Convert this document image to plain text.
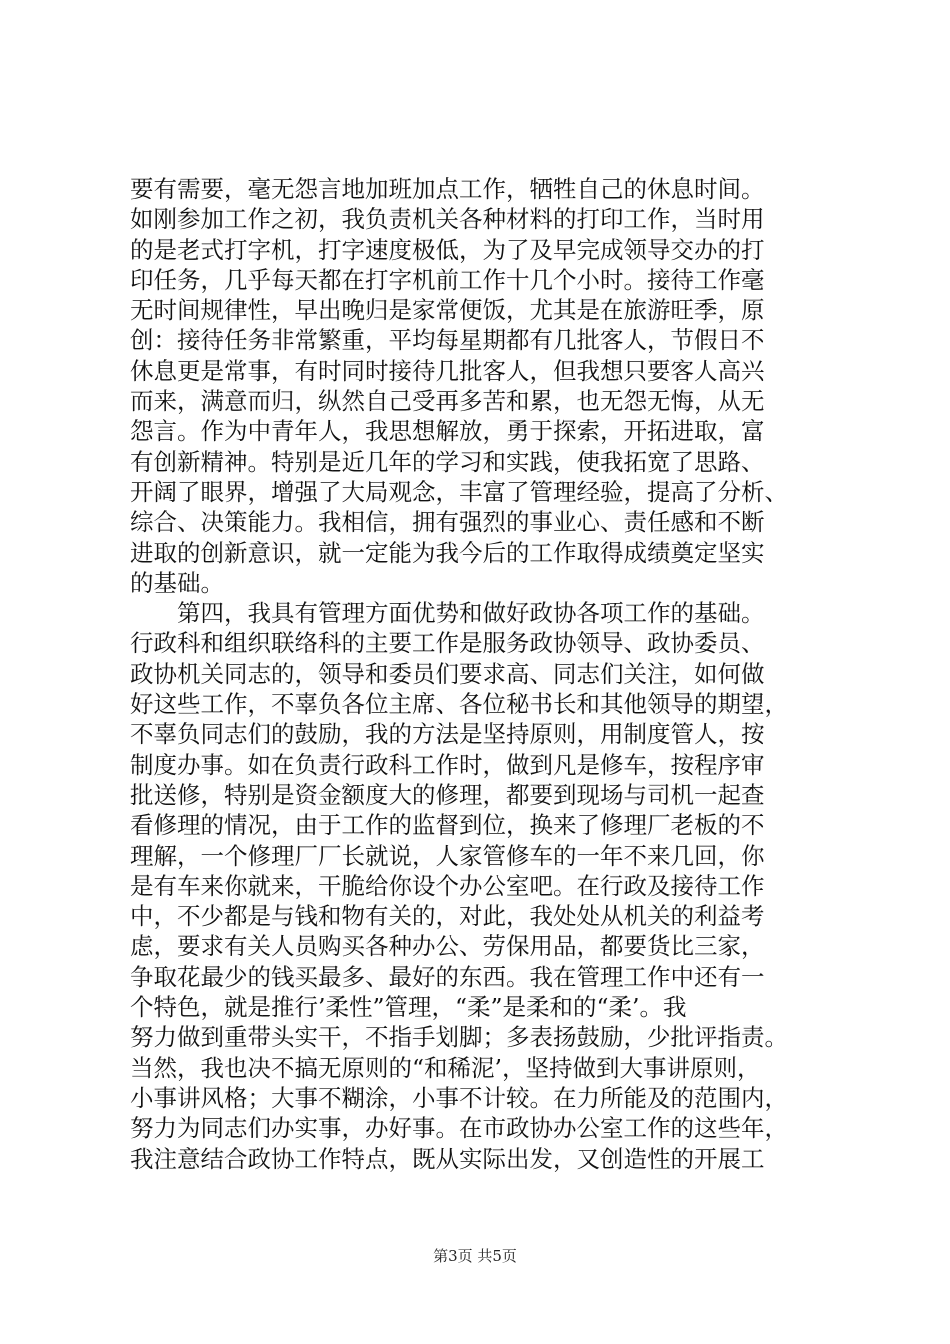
要有需要，毫无怨言地加班加点工作，牺牲自己的休息时间。
如刚参加工作之初，我负责机关各种材料的打印工作，当时用
的是老式打字机，打字速度极低，为了及早完成领导交办的打
印任务，几乎每天都在打字机前工作十几个小时。接待工作毫
无时间规律性，早出晚归是家常便饭，尤其是在旅游旺季，原
创：接待任务非常繁重，平均每星期都有几批客人，节假日不
休息更是常事，有时同时接待几批客人，但我想只要客人高兴
而来，满意而归，纵然自己受再多苦和累，也无怨无悔，从无
怨言。作为中青年人，我思想解放，勇于探索，开拓进取，富
有创新精神。特别是近几年的学习和实践，使我拓宽了思路、
开阔了眼界，增强了大局观念，丰富了管理经验，提高了分析、
综合、决策能力。我相信，拥有强烈的事业心、责任感和不断
进取的创新意识，就一定能为我今后的工作取得成绩奠定坚实
的基础。
　　第四，我具有管理方面优势和做好政协各项工作的基础。
行政科和组织联络科的主要工作是服务政协领导、政协委员、
政协机关同志的，领导和委员们要求高、同志们关注，如何做
好这些工作，不辜负各位主席、各位秘书长和其他领导的期望，
不辜负同志们的鼓励，我的方法是坚持原则，用制度管人，按
制度办事。如在负责行政科工作时，做到凡是修车，按程序审
批送修，特别是资金额度大的修理，都要到现场与司机一起查
看修理的情况，由于工作的监督到位，换来了修理厂老板的不
理解，一个修理厂厂长就说，人家管修车的一年不来几回，你
是有车来你就来，干脆给你设个办公室吧。在行政及接待工作
中，不少都是与钱和物有关的，对此，我处处从机关的利益考
虑，要求有关人员购买各种办公、劳保用品，都要货比三家，
争取花最少的钱买最多、最好的东西。我在管理工作中还有一
个特色，就是推行’柔性”管理，“柔”是柔和的“柔’。我
努力做到重带头实干，不指手划脚；多表扬鼓励，少批评指责。
当然，我也决不搞无原则的“和稀泥’，坚持做到大事讲原则，
小事讲风格；大事不糊涂，小事不计较。在力所能及的范围内，
努力为同志们办实事，办好事。在市政协办公室工作的这些年，
我注意结合政协工作特点，既从实际出发，又创造性的开展工
第3页 共5页
